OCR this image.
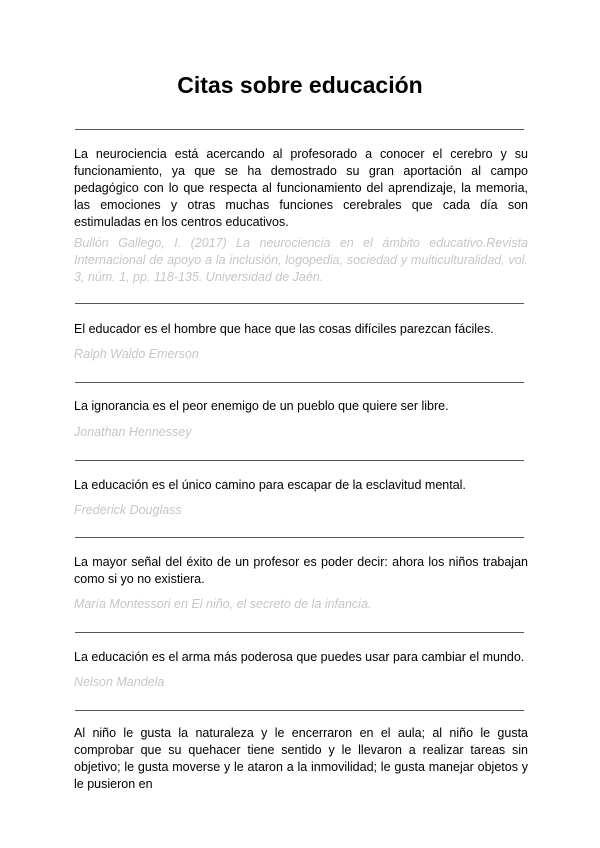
Citas sobre educación

La neurociencia está acercando al profesorado a conocer el cerebro y su funcionamiento, ya que se ha demostrado su gran aportación al campo pedagógico con lo que respecta al funcionamiento del aprendizaje, la memoria, las emociones y otras muchas funciones cerebrales que cada día son estimuladas en los centros educativos.

Bullón Gallego, I. (2017) La neurociencia en el ámbito educativo.Revista Internacional de apoyo a la inclusión, logopedia, sociedad y multiculturalidad, vol. 3, núm. 1, pp. 118-135. Universidad de Jaén.

El educador es el hombre que hace que las cosas difíciles parezcan fáciles.

Ralph Waldo Emerson

La ignorancia es el peor enemigo de un pueblo que quiere ser libre.

Jonathan Hennessey

La educación es el único camino para escapar de la esclavitud mental.

Frederick Douglass

La mayor señal del éxito de un profesor es poder decir: ahora los niños trabajan como si yo no existiera.

María Montessori en El niño, el secreto de la infancia.

La educación es el arma más poderosa que puedes usar para cambiar el mundo.

Nelson Mandela

Al niño le gusta la naturaleza y le encerraron en el aula; al niño le gusta comprobar que su quehacer tiene sentido y le llevaron a realizar tareas sin objetivo; le gusta moverse y le ataron a la inmovilidad; le gusta manejar objetos y le pusieron en
